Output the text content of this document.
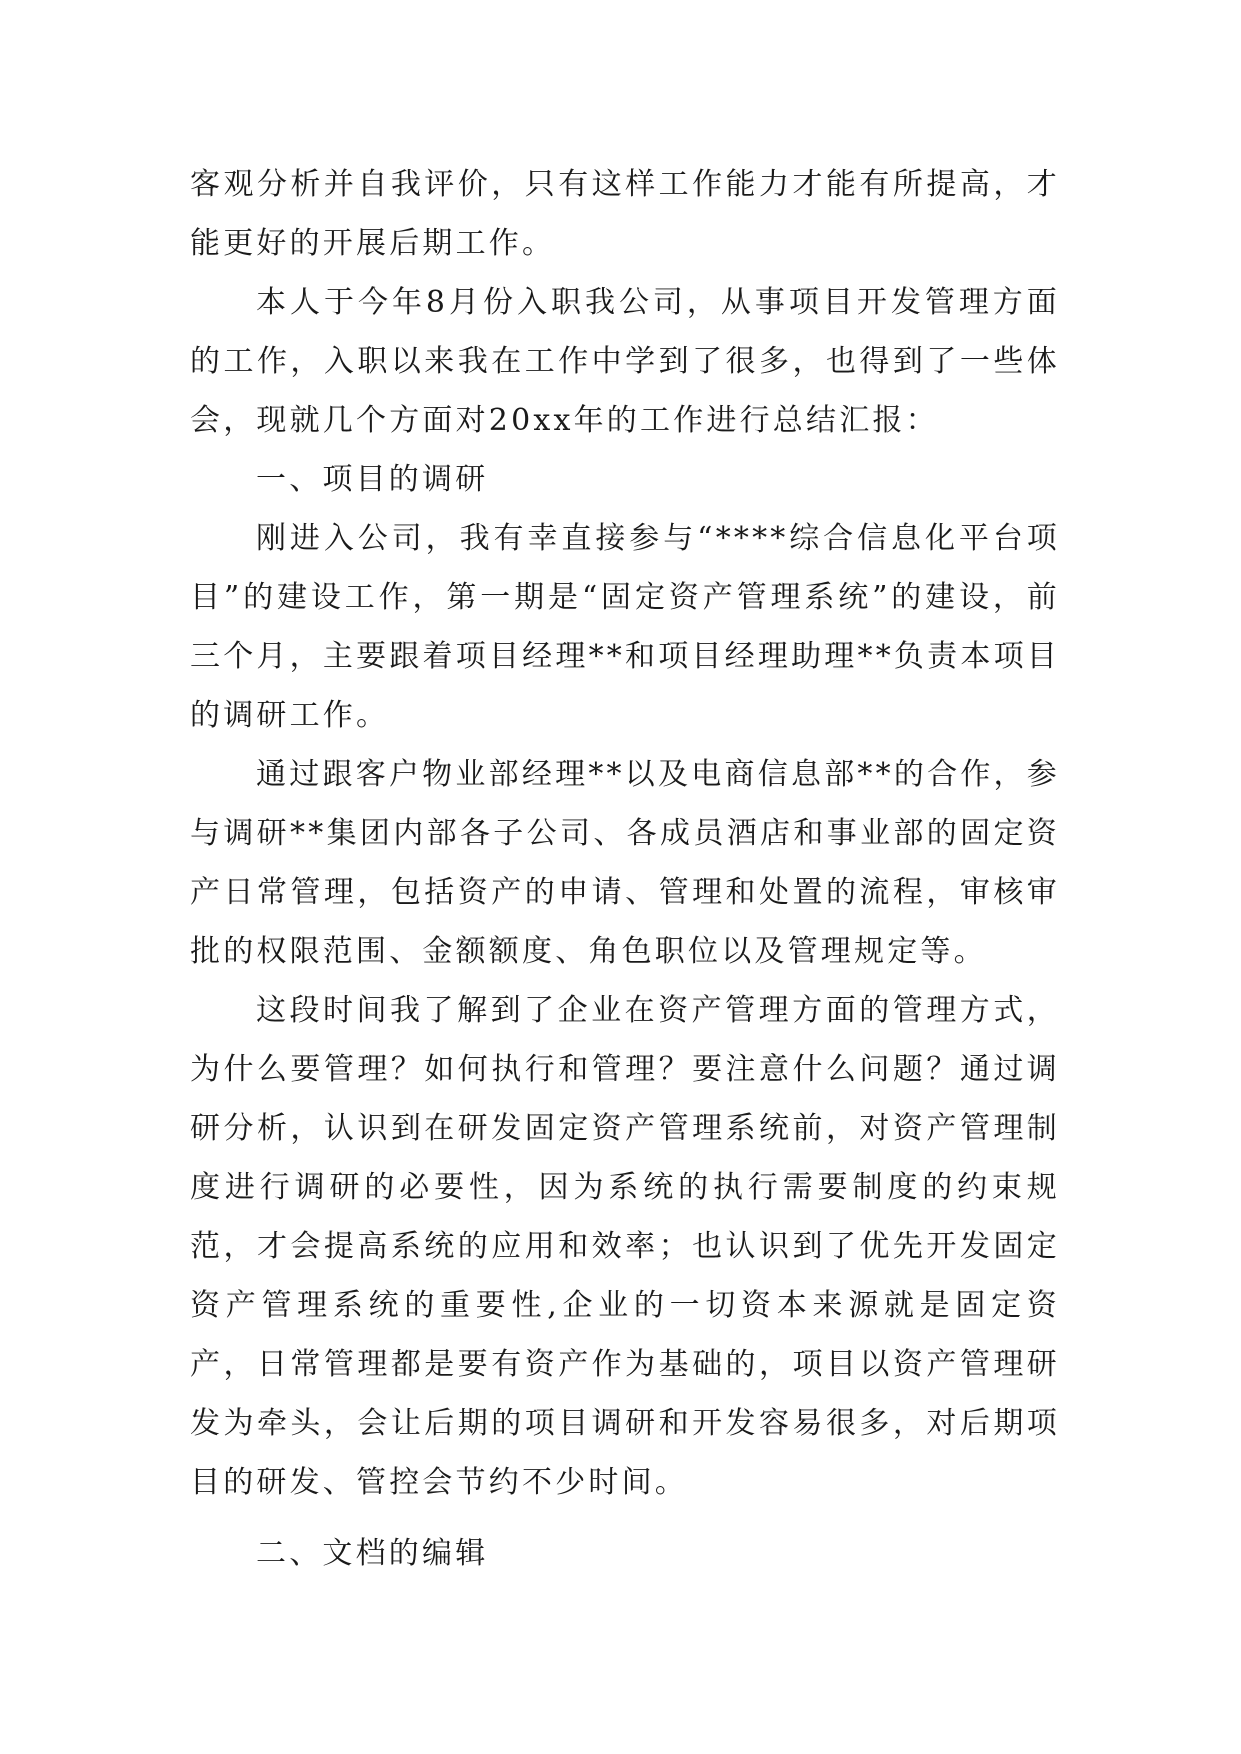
客观分析并自我评价，只有这样工作能力才能有所提高，才能更好的开展后期工作。

本人于今年8月份入职我公司，从事项目开发管理方面的工作，入职以来我在工作中学到了很多，也得到了一些体会，现就几个方面对20xx年的工作进行总结汇报：

一、项目的调研

刚进入公司，我有幸直接参与“****综合信息化平台项目”的建设工作，第一期是“固定资产管理系统”的建设，前三个月，主要跟着项目经理**和项目经理助理**负责本项目的调研工作。

通过跟客户物业部经理**以及电商信息部**的合作，参与调研**集团内部各子公司、各成员酒店和事业部的固定资产日常管理，包括资产的申请、管理和处置的流程，审核审批的权限范围、金额额度、角色职位以及管理规定等。

这段时间我了解到了企业在资产管理方面的管理方式，为什么要管理？如何执行和管理？要注意什么问题？通过调研分析，认识到在研发固定资产管理系统前，对资产管理制度进行调研的必要性，因为系统的执行需要制度的约束规范，才会提高系统的应用和效率；也认识到了优先开发固定资产管理系统的重要性,企业的一切资本来源就是固定资产，日常管理都是要有资产作为基础的，项目以资产管理研发为牵头，会让后期的项目调研和开发容易很多，对后期项目的研发、管控会节约不少时间。

二、文档的编辑
